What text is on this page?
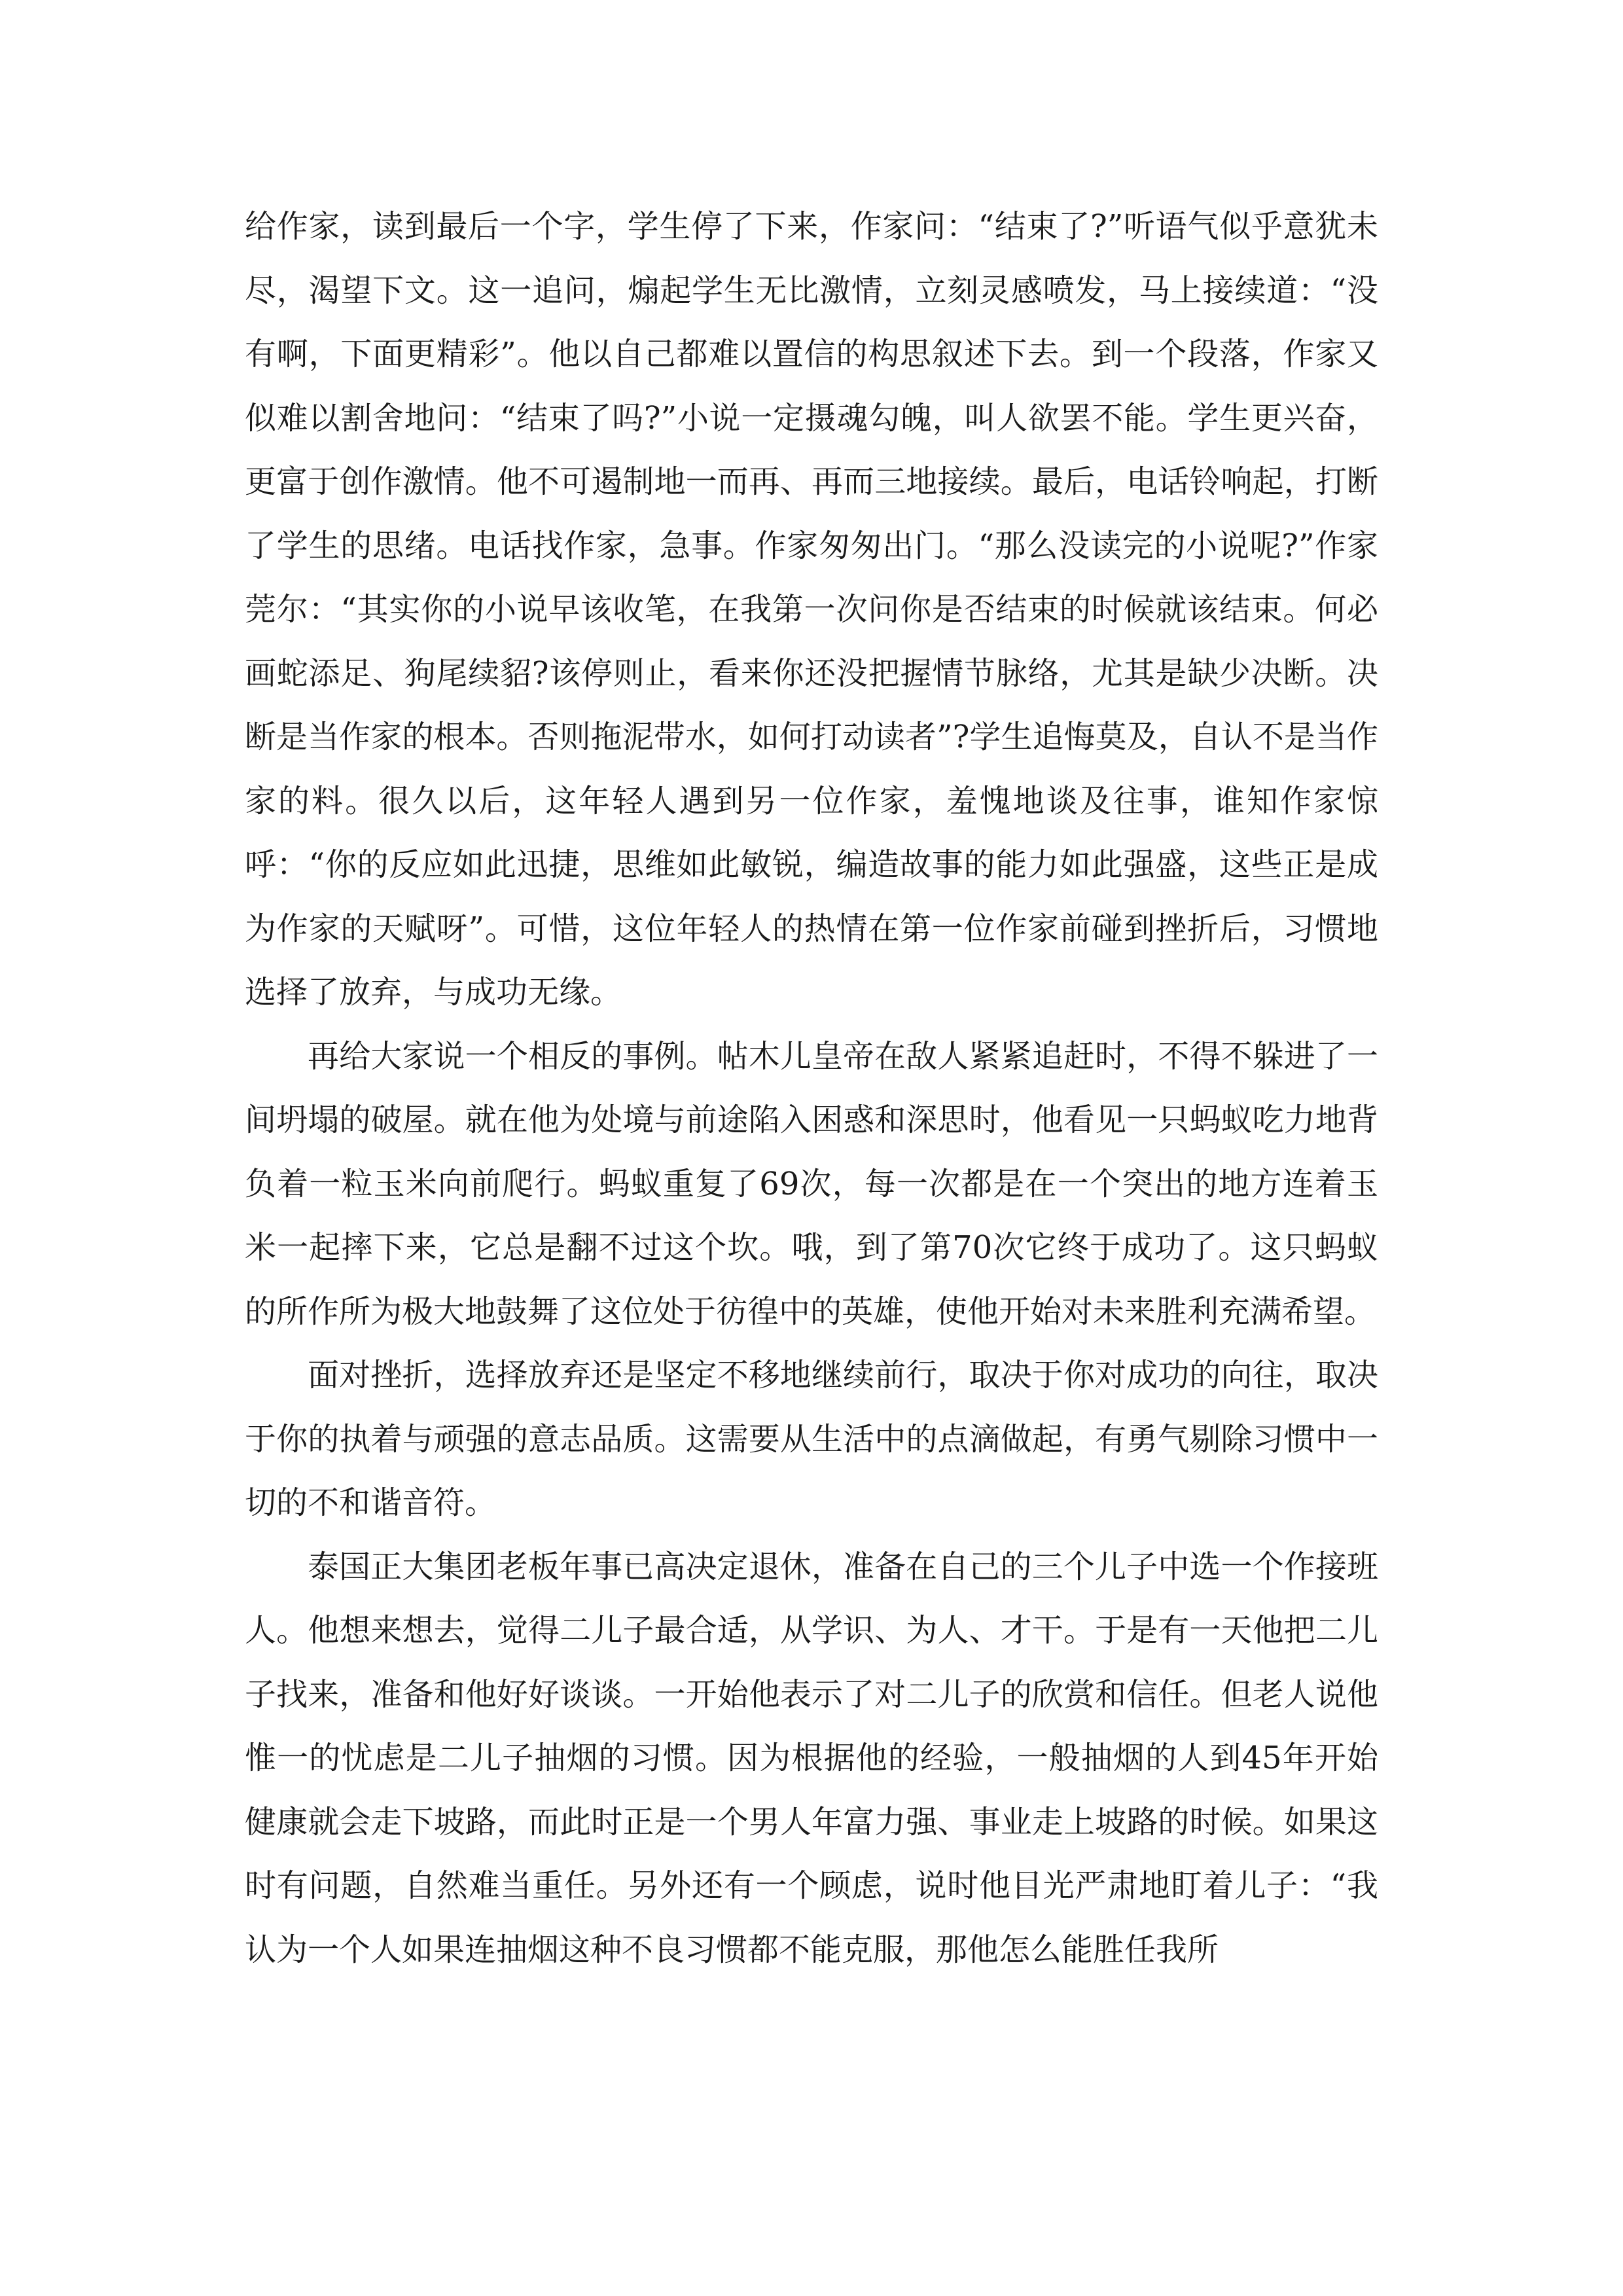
给作家，读到最后一个字，学生停了下来，作家问：“结束了?”听语气似乎意犹未尽，渴望下文。这一追问，煽起学生无比激情，立刻灵感喷发，马上接续道：“没有啊，下面更精彩”。他以自己都难以置信的构思叙述下去。到一个段落，作家又似难以割舍地问：“结束了吗?”小说一定摄魂勾魄，叫人欲罢不能。学生更兴奋，更富于创作激情。他不可遏制地一而再、再而三地接续。最后，电话铃响起，打断了学生的思绪。电话找作家，急事。作家匆匆出门。“那么没读完的小说呢?”作家莞尔：“其实你的小说早该收笔，在我第一次问你是否结束的时候就该结束。何必画蛇添足、狗尾续貂?该停则止，看来你还没把握情节脉络，尤其是缺少决断。决断是当作家的根本。否则拖泥带水，如何打动读者”?学生追悔莫及，自认不是当作家的料。很久以后，这年轻人遇到另一位作家，羞愧地谈及往事，谁知作家惊呼：“你的反应如此迅捷，思维如此敏锐，编造故事的能力如此强盛，这些正是成为作家的天赋呀”。可惜，这位年轻人的热情在第一位作家前碰到挫折后，习惯地选择了放弃，与成功无缘。

再给大家说一个相反的事例。帖木儿皇帝在敌人紧紧追赶时，不得不躲进了一间坍塌的破屋。就在他为处境与前途陷入困惑和深思时，他看见一只蚂蚁吃力地背负着一粒玉米向前爬行。蚂蚁重复了69次，每一次都是在一个突出的地方连着玉米一起摔下来，它总是翻不过这个坎。哦，到了第70次它终于成功了。这只蚂蚁的所作所为极大地鼓舞了这位处于彷徨中的英雄，使他开始对未来胜利充满希望。

面对挫折，选择放弃还是坚定不移地继续前行，取决于你对成功的向往，取决于你的执着与顽强的意志品质。这需要从生活中的点滴做起，有勇气剔除习惯中一切的不和谐音符。

泰国正大集团老板年事已高决定退休，准备在自己的三个儿子中选一个作接班人。他想来想去，觉得二儿子最合适，从学识、为人、才干。于是有一天他把二儿子找来，准备和他好好谈谈。一开始他表示了对二儿子的欣赏和信任。但老人说他惟一的忧虑是二儿子抽烟的习惯。因为根据他的经验，一般抽烟的人到45年开始健康就会走下坡路，而此时正是一个男人年富力强、事业走上坡路的时候。如果这时有问题，自然难当重任。另外还有一个顾虑，说时他目光严肃地盯着儿子：“我认为一个人如果连抽烟这种不良习惯都不能克服，那他怎么能胜任我所
